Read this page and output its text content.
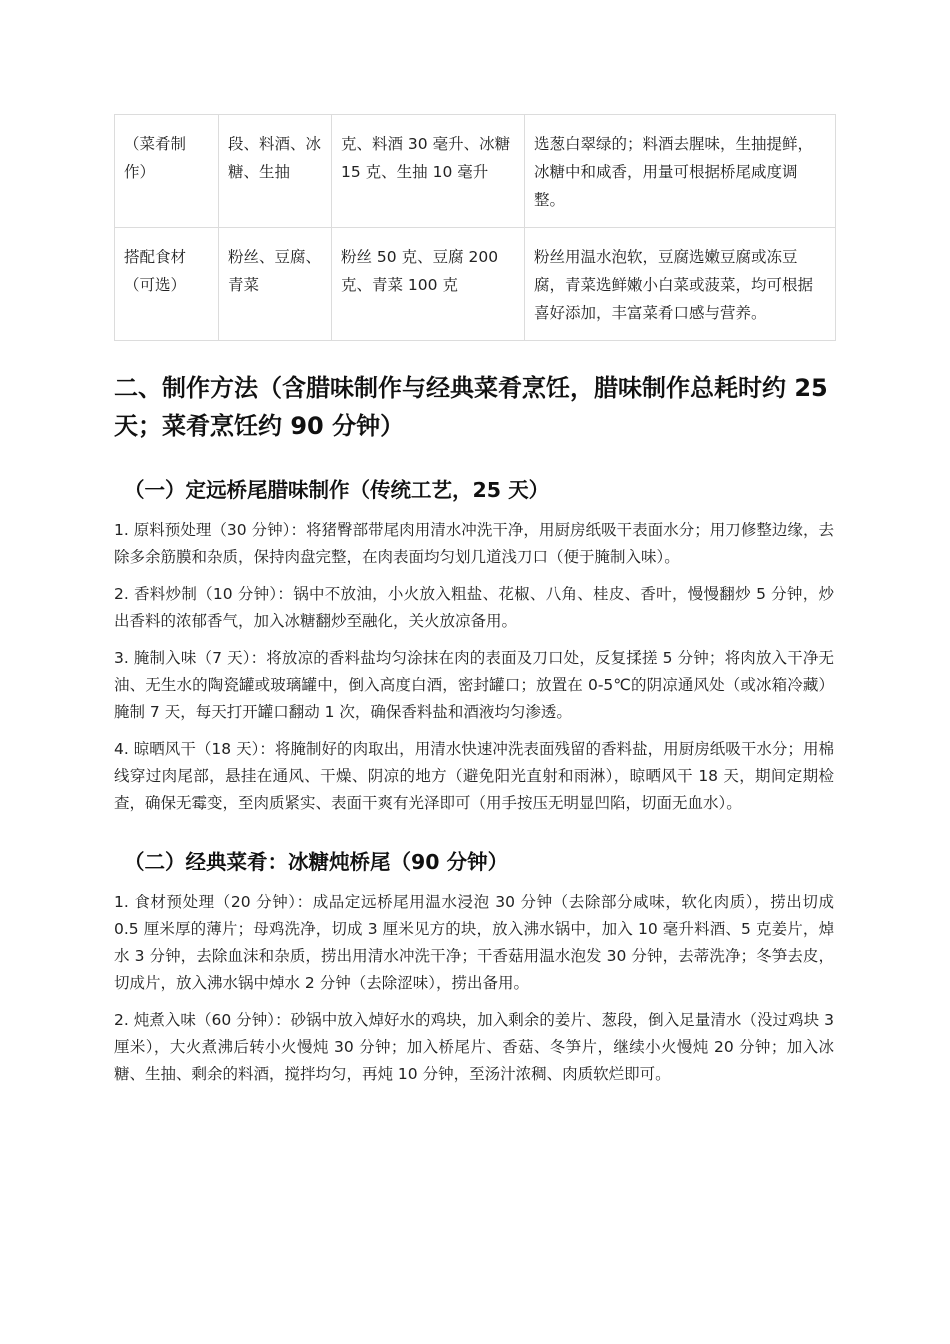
（菜肴制作）	段、料酒、冰糖、生抽	克、料酒 30 毫升、冰糖 15 克、生抽 10 毫升	选葱白翠绿的；料酒去腥味，生抽提鲜，冰糖中和咸香，用量可根据桥尾咸度调整。
搭配食材（可选）	粉丝、豆腐、青菜	粉丝 50 克、豆腐 200 克、青菜 100 克	粉丝用温水泡软，豆腐选嫩豆腐或冻豆腐，青菜选鲜嫩小白菜或菠菜，均可根据喜好添加，丰富菜肴口感与营养。
二、制作方法（含腊味制作与经典菜肴烹饪，腊味制作总耗时约 25 天；菜肴烹饪约 90 分钟）
（一）定远桥尾腊味制作（传统工艺，25 天）

1. 原料预处理（30 分钟）：将猪臀部带尾肉用清水冲洗干净，用厨房纸吸干表面水分；用刀修整边缘，去除多余筋膜和杂质，保持肉盘完整，在肉表面均匀划几道浅刀口（便于腌制入味）。

2. 香料炒制（10 分钟）：锅中不放油，小火放入粗盐、花椒、八角、桂皮、香叶，慢慢翻炒 5 分钟，炒出香料的浓郁香气，加入冰糖翻炒至融化，关火放凉备用。

3. 腌制入味（7 天）：将放凉的香料盐均匀涂抹在肉的表面及刀口处，反复揉搓 5 分钟；将肉放入干净无油、无生水的陶瓷罐或玻璃罐中，倒入高度白酒，密封罐口；放置在 0-5℃的阴凉通风处（或冰箱冷藏）腌制 7 天，每天打开罐口翻动 1 次，确保香料盐和酒液均匀渗透。

4. 晾晒风干（18 天）：将腌制好的肉取出，用清水快速冲洗表面残留的香料盐，用厨房纸吸干水分；用棉线穿过肉尾部，悬挂在通风、干燥、阴凉的地方（避免阳光直射和雨淋），晾晒风干 18 天，期间定期检查，确保无霉变，至肉质紧实、表面干爽有光泽即可（用手按压无明显凹陷，切面无血水）。

（二）经典菜肴：冰糖炖桥尾（90 分钟）

1. 食材预处理（20 分钟）：成品定远桥尾用温水浸泡 30 分钟（去除部分咸味，软化肉质），捞出切成 0.5 厘米厚的薄片；母鸡洗净，切成 3 厘米见方的块，放入沸水锅中，加入 10 毫升料酒、5 克姜片，焯水 3 分钟，去除血沫和杂质，捞出用清水冲洗干净；干香菇用温水泡发 30 分钟，去蒂洗净；冬笋去皮，切成片，放入沸水锅中焯水 2 分钟（去除涩味），捞出备用。

2. 炖煮入味（60 分钟）：砂锅中放入焯好水的鸡块，加入剩余的姜片、葱段，倒入足量清水（没过鸡块 3 厘米），大火煮沸后转小火慢炖 30 分钟；加入桥尾片、香菇、冬笋片，继续小火慢炖 20 分钟；加入冰糖、生抽、剩余的料酒，搅拌均匀，再炖 10 分钟，至汤汁浓稠、肉质软烂即可。
